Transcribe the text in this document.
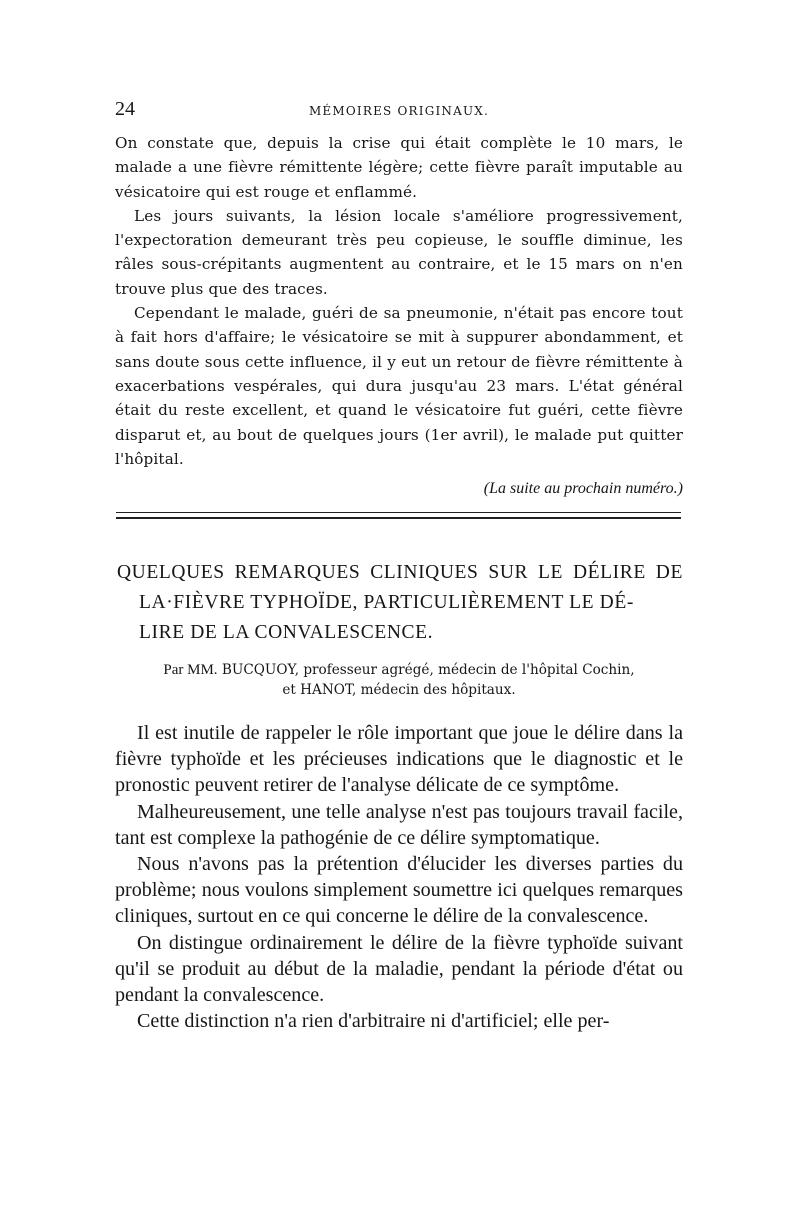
24	MÉMOIRES ORIGINAUX.

On constate que, depuis la crise qui était complète le 10 mars, le malade a une fièvre rémittente légère; cette fièvre paraît imputable au vésicatoire qui est rouge et enflammé.

Les jours suivants, la lésion locale s'améliore progressivement, l'expectoration demeurant très peu copieuse, le souffle diminue, les râles sous-crépitants augmentent au contraire, et le 15 mars on n'en trouve plus que des traces.

Cependant le malade, guéri de sa pneumonie, n'était pas encore tout à fait hors d'affaire; le vésicatoire se mit à suppurer abondamment, et sans doute sous cette influence, il y eut un retour de fièvre rémittente à exacerbations vespérales, qui dura jusqu'au 23 mars. L'état général était du reste excellent, et quand le vésicatoire fut guéri, cette fièvre disparut et, au bout de quelques jours (1er avril), le malade put quitter l'hôpital.

(La suite au prochain numéro.)
QUELQUES REMARQUES CLINIQUES SUR LE DÉLIRE DE
LA·FIÈVRE TYPHOÏDE, PARTICULIÈREMENT LE DÉ-
LIRE DE LA CONVALESCENCE.
Par MM. BUCQUOY, professeur agrégé, médecin de l'hôpital Cochin,
et HANOT, médecin des hôpitaux.

Il est inutile de rappeler le rôle important que joue le délire dans la fièvre typhoïde et les précieuses indications que le diagnostic et le pronostic peuvent retirer de l'analyse délicate de ce symptôme.

Malheureusement, une telle analyse n'est pas toujours travail facile, tant est complexe la pathogénie de ce délire symptomatique.

Nous n'avons pas la prétention d'élucider les diverses parties du problème; nous voulons simplement soumettre ici quelques remarques cliniques, surtout en ce qui concerne le délire de la convalescence.

On distingue ordinairement le délire de la fièvre typhoïde suivant qu'il se produit au début de la maladie, pendant la période d'état ou pendant la convalescence.

Cette distinction n'a rien d'arbitraire ni d'artificiel; elle per-
